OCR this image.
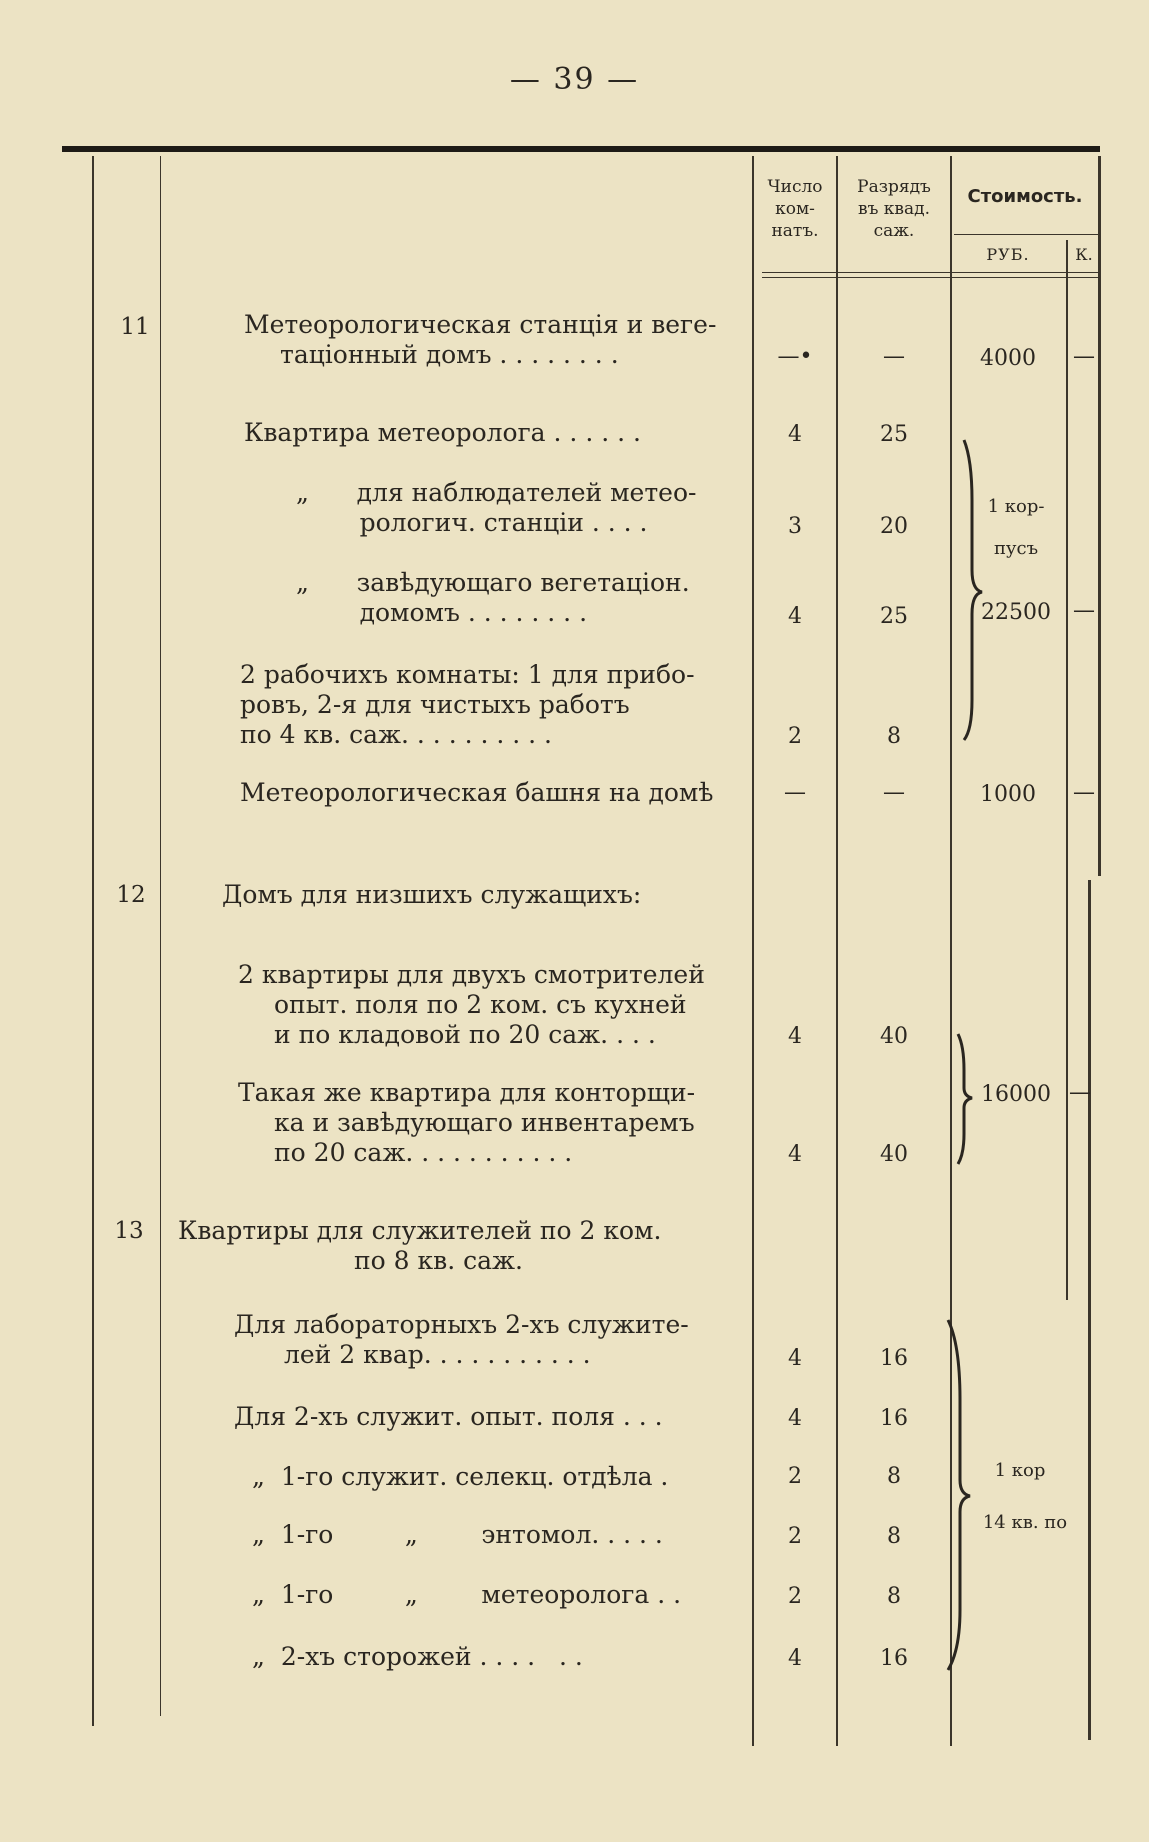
— 39 —
Число
ком-
натъ.
Разрядъ
въ квад.
саж.
Стоимость.
РУБ.	К.
11	Метеорологическая станція и веге-
таціонный домъ . . . . . . . .	—•	—	4000	—
Квартира метеоролога . . . . . .	4	25
„      для наблюдателей метео-
рологич. станціи . . . .	3	20
„      завѣдующаго вегетаціон.
домомъ . . . . . . . .	4	25
2 рабочихъ комнаты: 1 для прибо-
ровъ, 2-я для чистыхъ работъ
по 4 кв. саж. . . . . . . . . .	2	8
1 кор-
пусъ
22500	—
Метеорологическая башня на домѣ	—	—	1000	—
12	Домъ для низшихъ служащихъ:
2 квартиры для двухъ смотрителей
опыт. поля по 2 ком. съ кухней
и по кладовой по 20 саж. . . .	4	40
Такая же квартира для конторщи-
ка и завѣдующаго инвентаремъ
по 20 саж. . . . . . . . . . .	4	40
16000 —
13	Квартиры для служителей по 2 ком.
по 8 кв. саж.
Для лабораторныхъ 2-хъ служите-
лей 2 квар. . . . . . . . . . .	4	16
Для 2-хъ служит. опыт. поля . . .	4	16
„  1-го служит. селекц. отдѣла .	2	8
„  1-го         „        энтомол. . . . .	2	8
„  1-го         „        метеоролога . .	2	8
„  2-хъ сторожей . . . .   . .	4	16
1 кор
14 кв. по
